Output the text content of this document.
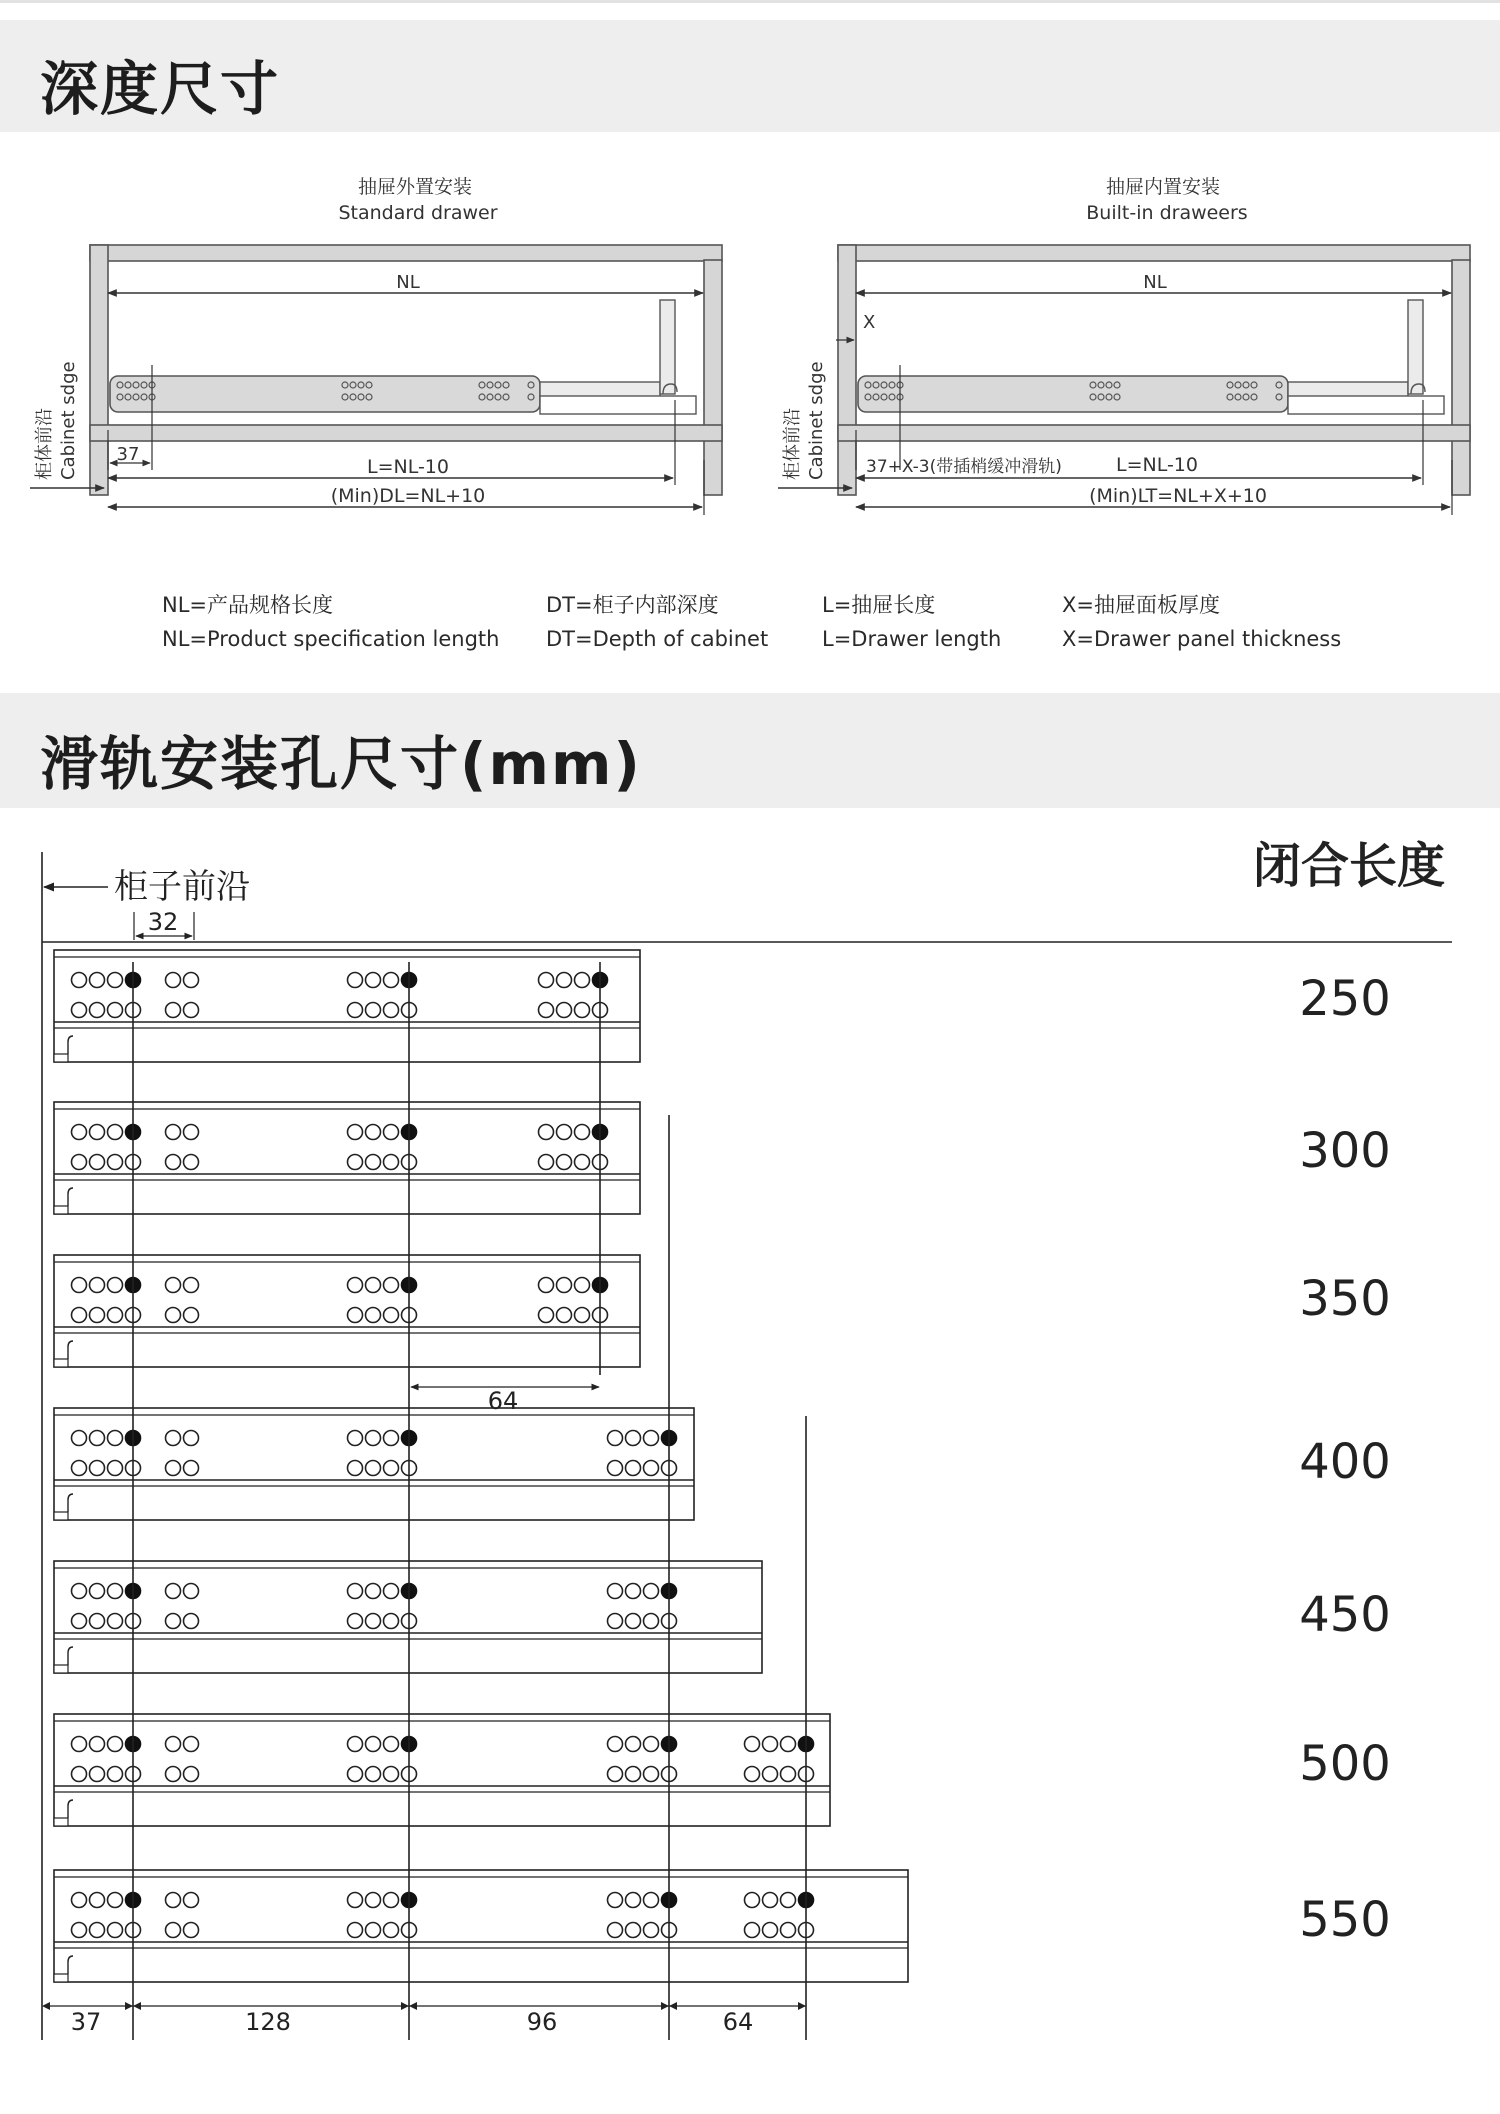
深度尺寸
抽屉外置安装
Standard drawer
NL
37
L=NL-10
(Min)DL=NL+10
柜体前沿 Cabinet sdge
抽屉内置安装
Built-in draweers
NL
X
37+X-3(带插梢缓冲滑轨)	L=NL-10
(Min)LT=NL+X+10
柜体前沿 Cabinet sdge
NL=产品规格长度
NL=Product specification length
DT=柜子内部深度
DT=Depth of cabinet
L=抽屉长度
L=Drawer length
X=抽屉面板厚度
X=Drawer panel thickness
滑轨安装孔尺寸(mm)
柜子前沿	闭合长度
32
250
300
350
400
450
500
550
64
37	128	96	64
